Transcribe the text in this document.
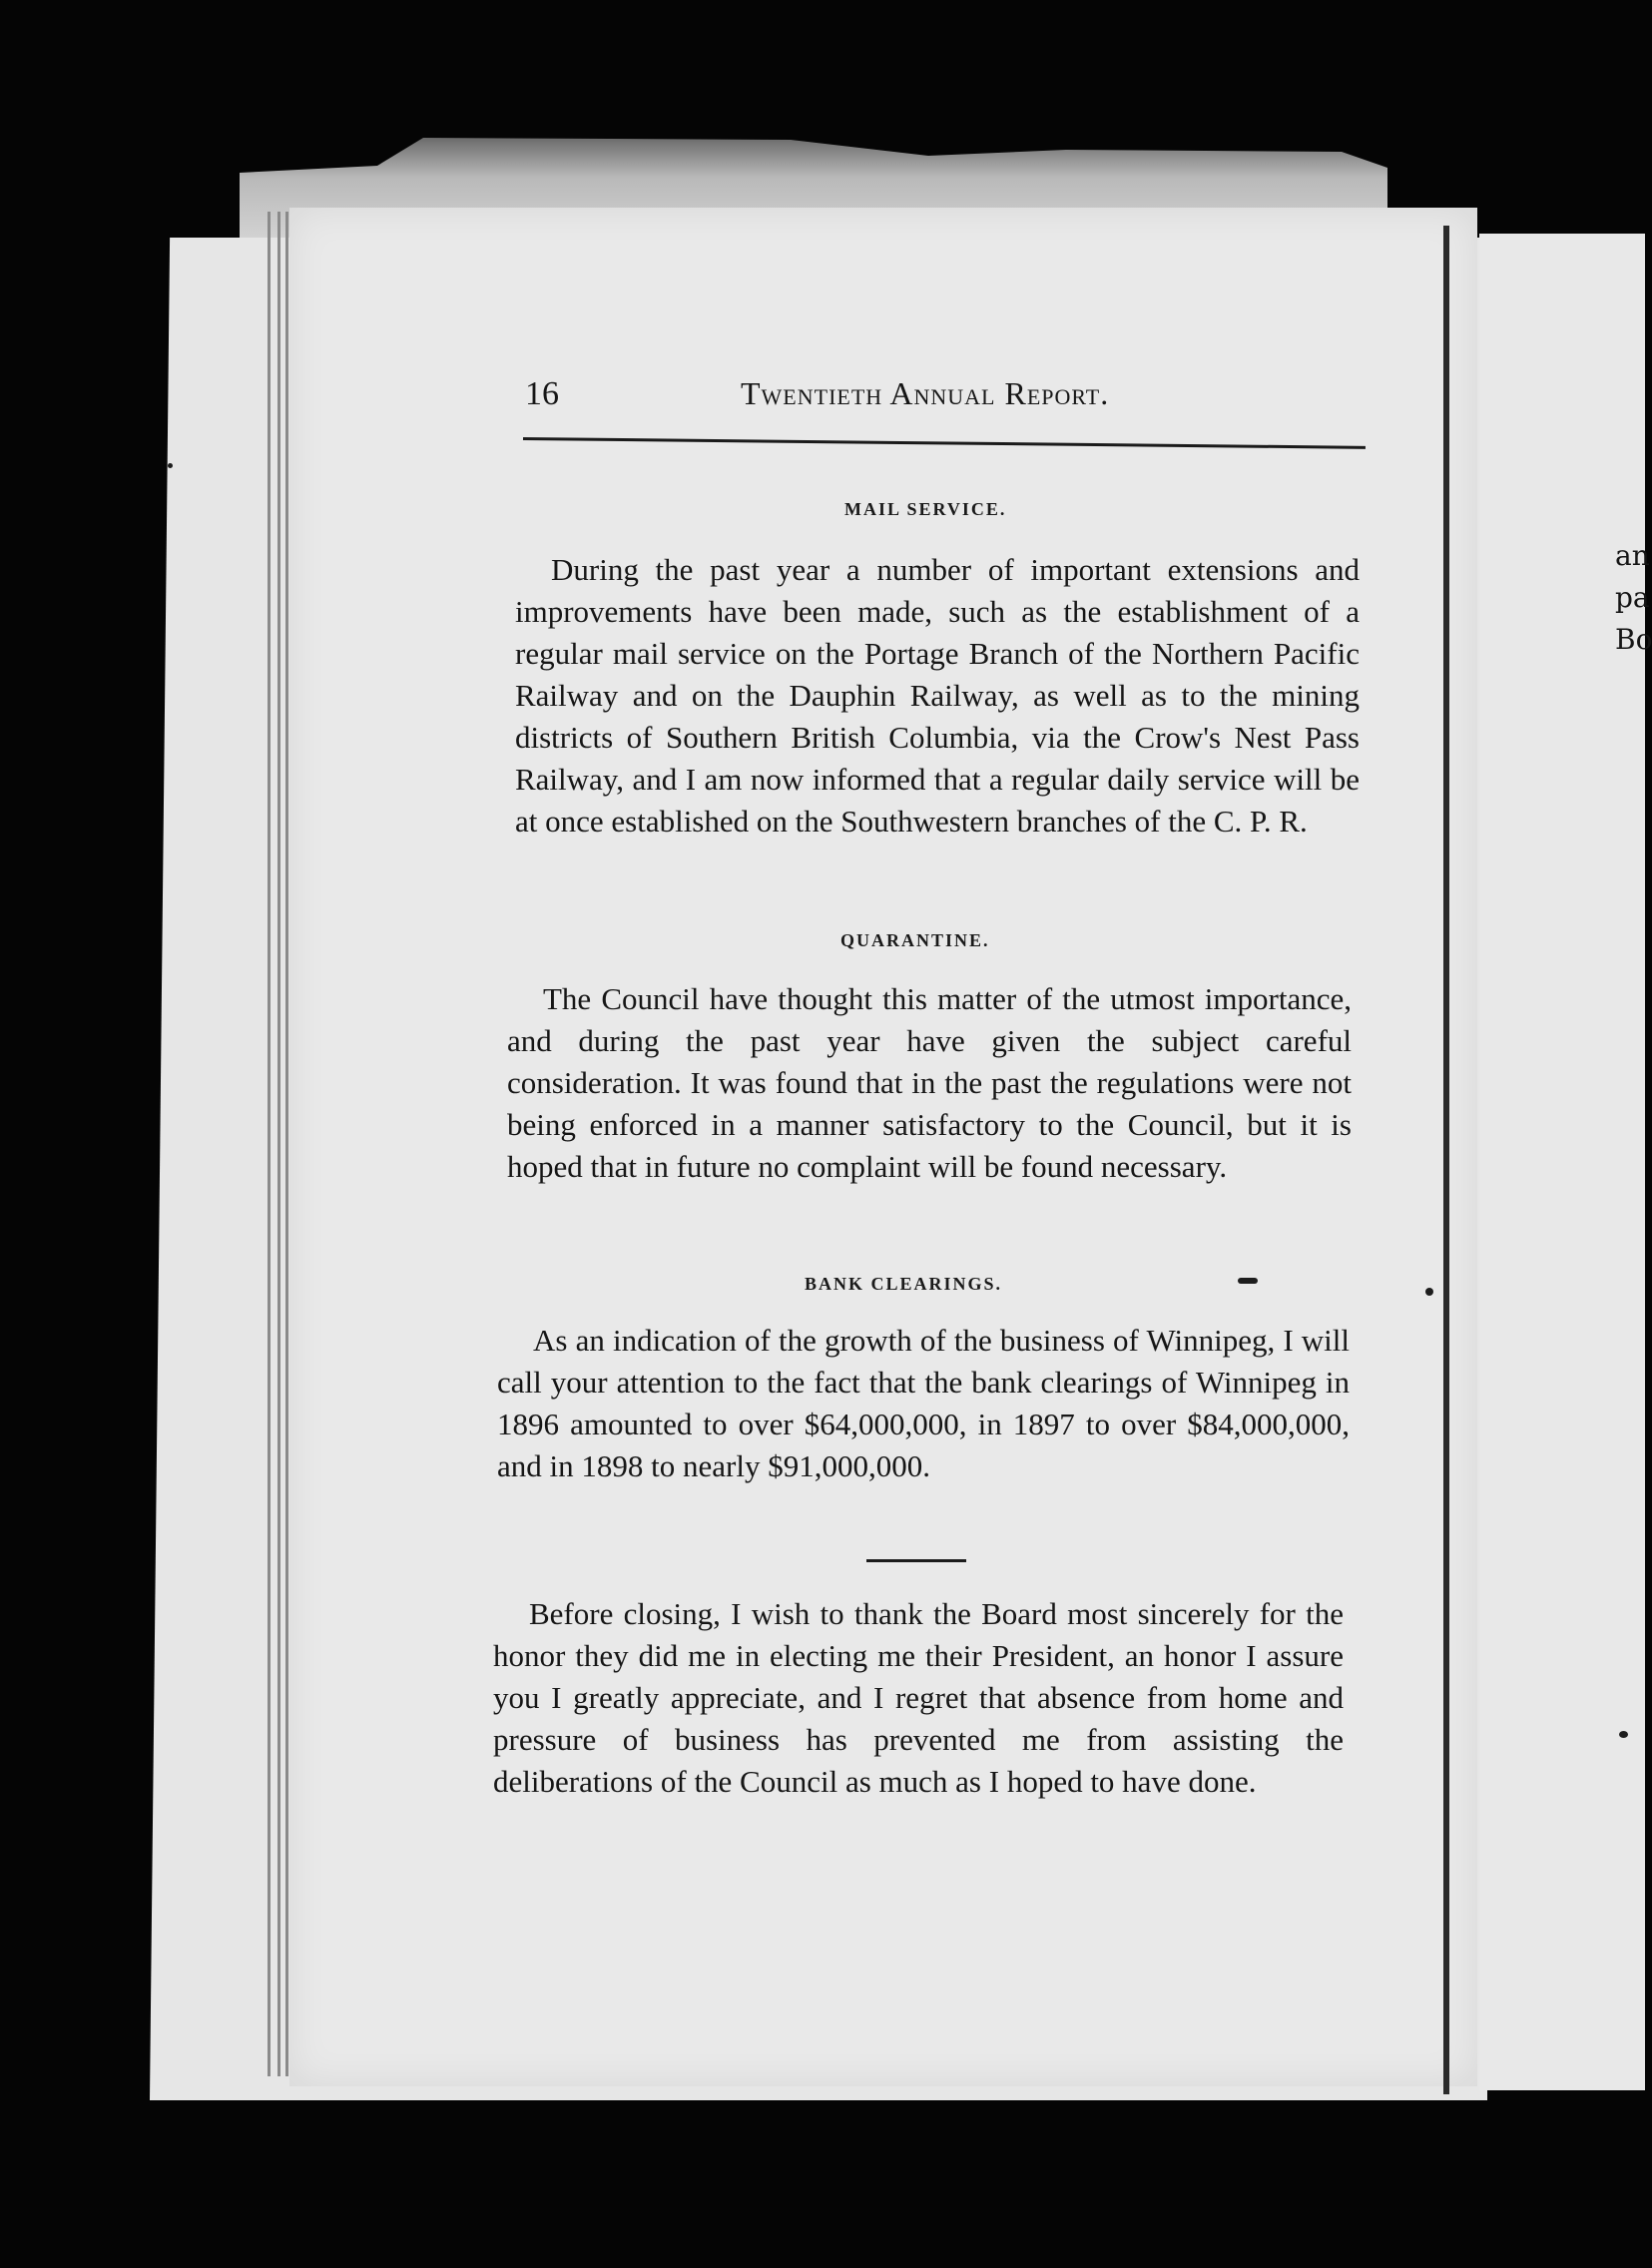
an
pa
Bo
16	Twentieth Annual Report.
MAIL SERVICE.
During the past year a number of important extensions and improvements have been made, such as the establishment of a regular mail service on the Portage Branch of the Northern Pacific Railway and on the Dauphin Railway, as well as to the mining districts of Southern British Columbia, via the Crow's Nest Pass Railway, and I am now informed that a regular daily service will be at once established on the Southwestern branches of the C. P. R.
QUARANTINE.
The Council have thought this matter of the utmost importance, and during the past year have given the subject careful consideration. It was found that in the past the regulations were not being enforced in a manner satisfactory to the Council, but it is hoped that in future no complaint will be found necessary.
BANK CLEARINGS.
As an indication of the growth of the business of Winnipeg, I will call your attention to the fact that the bank clearings of Winnipeg in 1896 amounted to over $64,000,000, in 1897 to over $84,000,000, and in 1898 to nearly $91,000,000.
Before closing, I wish to thank the Board most sincerely for the honor they did me in electing me their President, an honor I assure you I greatly appreciate, and I regret that absence from home and pressure of business has prevented me from assisting the deliberations of the Council as much as I hoped to have done.
